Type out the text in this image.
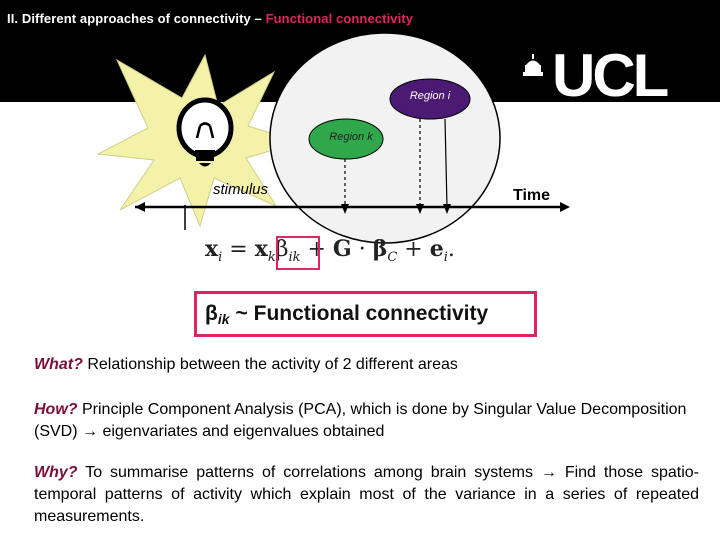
II. Different approaches of connectivity – Functional connectivity
UCL
Region i
Region k
stimulus	Time
$x_i = x_k\beta_{ik} + G \cdot \beta_C + e_i$.
β ik ~ Functional connectivity
What? Relationship between the activity of 2 different areas
How? Principle Component Analysis (PCA), which is done by Singular Value Decomposition (SVD) → eigenvariates and eigenvalues obtained
Why? To summarise patterns of correlations among brain systems → Find those spatio-temporal patterns of activity which explain most of the variance in a series of repeated measurements.
